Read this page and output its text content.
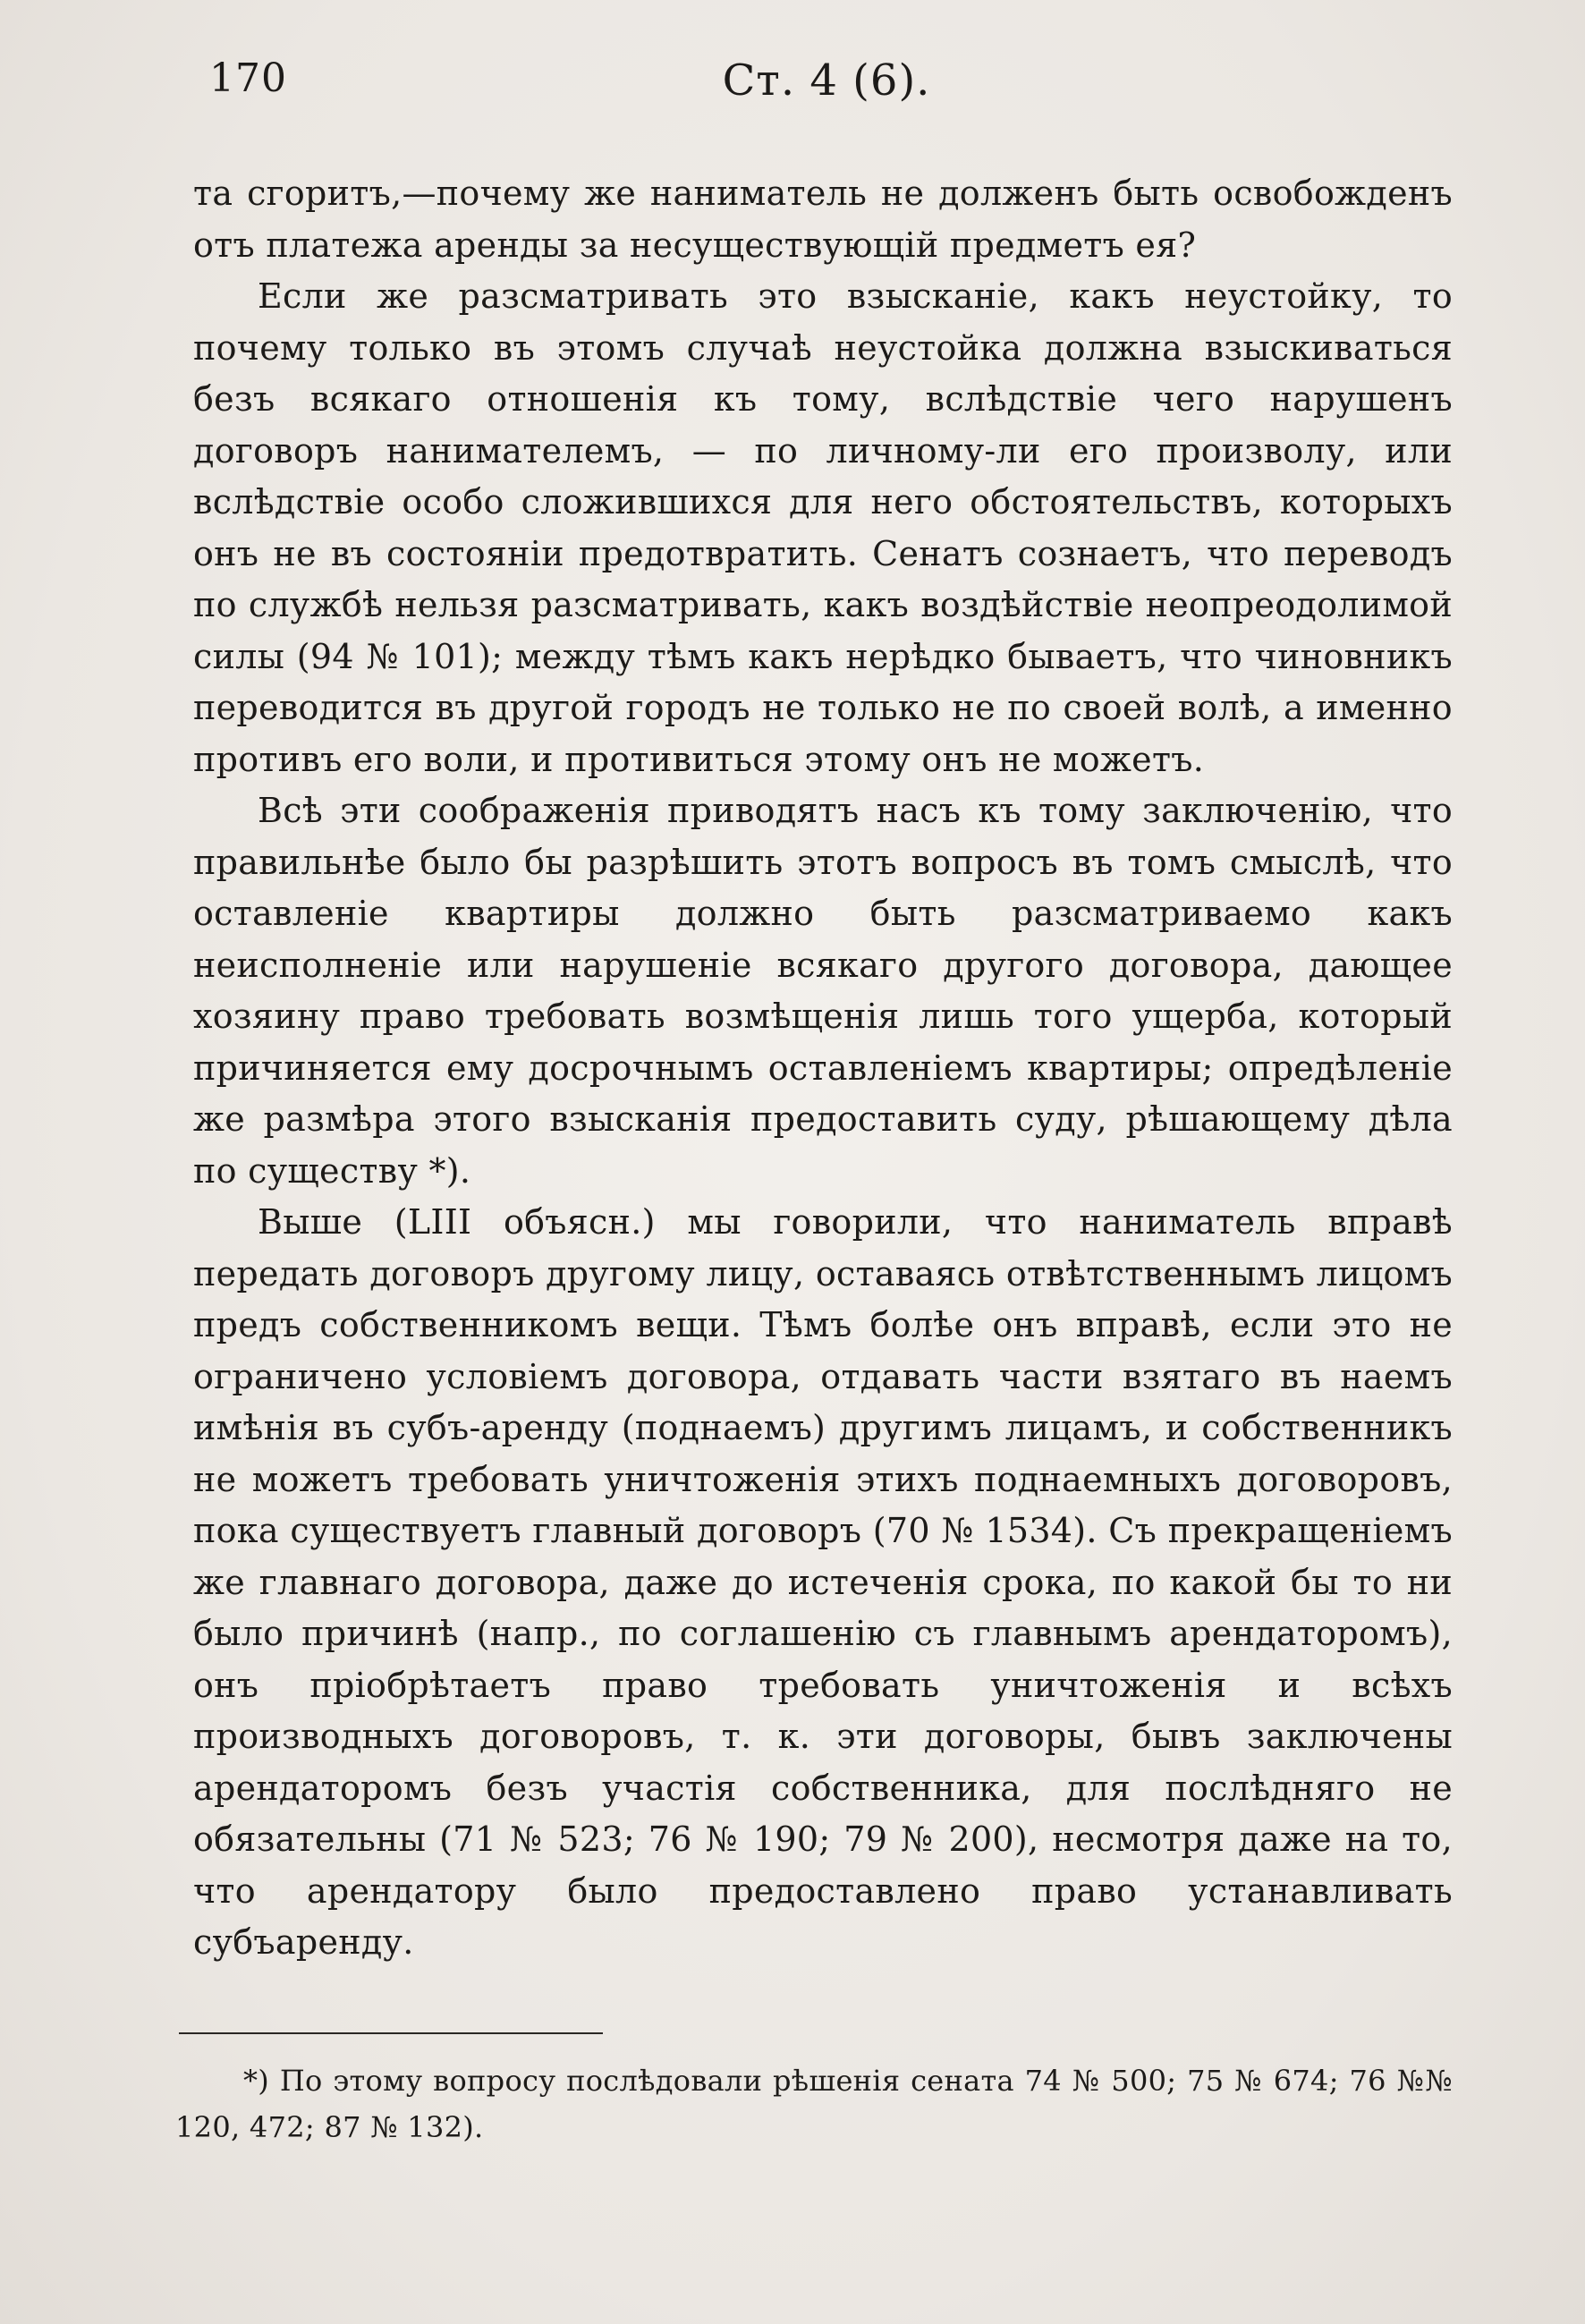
170	Ст. 4 (6).

та сгоритъ,—почему же наниматель не долженъ быть освобожденъ отъ платежа аренды за несуществующій предметъ ея?

Если же разсматривать это взысканіе, какъ неустойку, то почему только въ этомъ случаѣ неустойка должна взыскиваться безъ всякаго отношенія къ тому, вслѣдствіе чего нарушенъ договоръ нанимателемъ, — по личному-ли его произволу, или вслѣдствіе особо сложившихся для него обстоятельствъ, которыхъ онъ не въ состояніи предотвратить. Сенатъ сознаетъ, что переводъ по службѣ нельзя разсматривать, какъ воздѣйствіе неопреодолимой силы (94 № 101); между тѣмъ какъ нерѣдко бываетъ, что чиновникъ переводится въ другой городъ не только не по своей волѣ, а именно противъ его воли, и противиться этому онъ не можетъ.

Всѣ эти соображенія приводятъ насъ къ тому заключенію, что правильнѣе было бы разрѣшить этотъ вопросъ въ томъ смыслѣ, что оставленіе квартиры должно быть разсматриваемо какъ неисполненіе или нарушеніе всякаго другого договора, дающее хозяину право требовать возмѣщенія лишь того ущерба, который причиняется ему досрочнымъ оставленіемъ квартиры; опредѣленіе же размѣра этого взысканія предоставить суду, рѣшающему дѣла по существу *).

Выше (LIII объясн.) мы говорили, что наниматель вправѣ передать договоръ другому лицу, оставаясь отвѣтственнымъ лицомъ предъ собственникомъ вещи. Тѣмъ болѣе онъ вправѣ, если это не ограничено условіемъ договора, отдавать части взятаго въ наемъ имѣнія въ субъ-аренду (поднаемъ) другимъ лицамъ, и собственникъ не можетъ требовать уничтоженія этихъ поднаемныхъ договоровъ, пока существуетъ главный договоръ (70 № 1534). Съ прекращеніемъ же главнаго договора, даже до истеченія срока, по какой бы то ни было причинѣ (напр., по соглашенію съ главнымъ арендаторомъ), онъ пріобрѣтаетъ право требовать уничтоженія и всѣхъ производныхъ договоровъ, т. к. эти договоры, бывъ заключены арендаторомъ безъ участія собственника, для послѣдняго не обязательны (71 № 523; 76 № 190; 79 № 200), несмотря даже на то, что арендатору было предоставлено право устанавливать субъаренду.

*) По этому вопросу послѣдовали рѣшенія сената 74 № 500; 75 № 674; 76 №№ 120, 472; 87 № 132).
